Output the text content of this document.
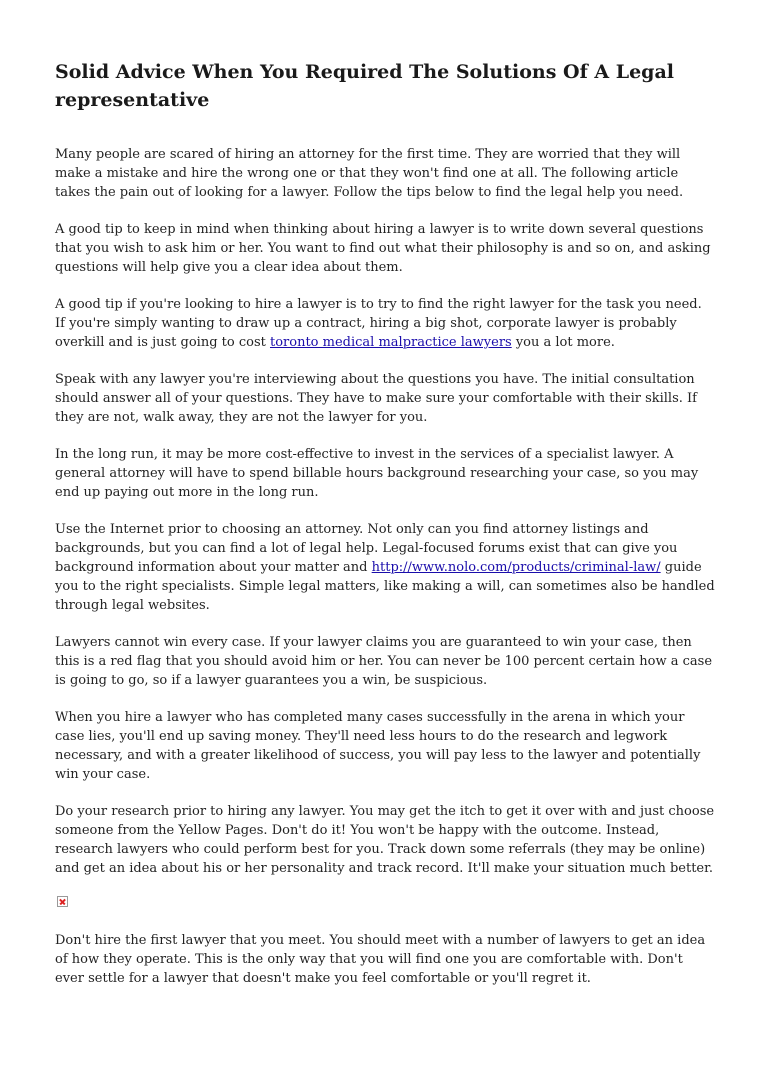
Solid Advice When You Required The Solutions Of A Legal representative

Many people are scared of hiring an attorney for the first time. They are worried that they will make a mistake and hire the wrong one or that they won't find one at all. The following article takes the pain out of looking for a lawyer. Follow the tips below to find the legal help you need.

A good tip to keep in mind when thinking about hiring a lawyer is to write down several questions that you wish to ask him or her. You want to find out what their philosophy is and so on, and asking questions will help give you a clear idea about them.

A good tip if you're looking to hire a lawyer is to try to find the right lawyer for the task you need. If you're simply wanting to draw up a contract, hiring a big shot, corporate lawyer is probably overkill and is just going to cost toronto medical malpractice lawyers you a lot more.

Speak with any lawyer you're interviewing about the questions you have. The initial consultation should answer all of your questions. They have to make sure your comfortable with their skills. If they are not, walk away, they are not the lawyer for you.

In the long run, it may be more cost-effective to invest in the services of a specialist lawyer. A general attorney will have to spend billable hours background researching your case, so you may end up paying out more in the long run.

Use the Internet prior to choosing an attorney. Not only can you find attorney listings and backgrounds, but you can find a lot of legal help. Legal-focused forums exist that can give you background information about your matter and http://www.nolo.com/products/criminal-law/ guide you to the right specialists. Simple legal matters, like making a will, can sometimes also be handled through legal websites.

Lawyers cannot win every case. If your lawyer claims you are guaranteed to win your case, then this is a red flag that you should avoid him or her. You can never be 100 percent certain how a case is going to go, so if a lawyer guarantees you a win, be suspicious.

When you hire a lawyer who has completed many cases successfully in the arena in which your case lies, you'll end up saving money. They'll need less hours to do the research and legwork necessary, and with a greater likelihood of success, you will pay less to the lawyer and potentially win your case.

Do your research prior to hiring any lawyer. You may get the itch to get it over with and just choose someone from the Yellow Pages. Don't do it! You won't be happy with the outcome. Instead, research lawyers who could perform best for you. Track down some referrals (they may be online) and get an idea about his or her personality and track record. It'll make your situation much better.

Don't hire the first lawyer that you meet. You should meet with a number of lawyers to get an idea of how they operate. This is the only way that you will find one you are comfortable with. Don't ever settle for a lawyer that doesn't make you feel comfortable or you'll regret it.
